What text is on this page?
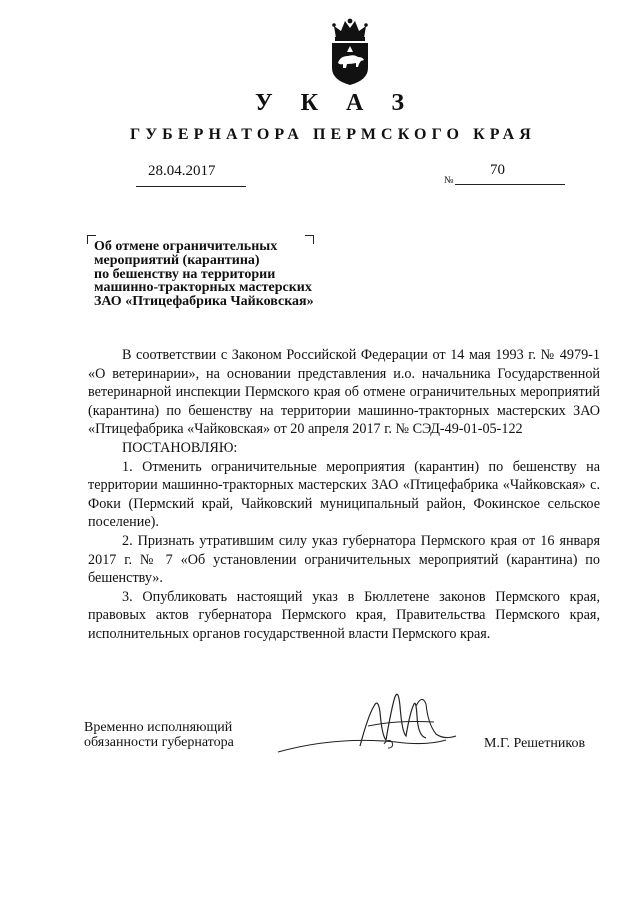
У К А З
ГУБЕРНАТОРА ПЕРМСКОГО КРАЯ
28.04.2017
№
70

Об отмене ограничительных
мероприятий (карантина)
по бешенству на территории
машинно-тракторных мастерских
ЗАО «Птицефабрика Чайковская»

В соответствии с Законом Российской Федерации от 14 мая 1993 г. № 4979-1 «О ветеринарии», на основании представления и.о. начальника Государственной ветеринарной инспекции Пермского края об отмене ограничительных мероприятий (карантина) по бешенству на территории машинно-тракторных мастерских ЗАО «Птицефабрика «Чайковская» от 20 апреля 2017 г. № СЭД-49-01-05-122

ПОСТАНОВЛЯЮ:

1. Отменить ограничительные мероприятия (карантин) по бешенству на территории машинно-тракторных мастерских ЗАО «Птицефабрика «Чайковская» с. Фоки (Пермский край, Чайковский муниципальный район, Фокинское сельское поселение).

2. Признать утратившим силу указ губернатора Пермского края от 16 января 2017 г. № 7 «Об установлении ограничительных мероприятий (карантина) по бешенству».

3. Опубликовать настоящий указ в Бюллетене законов Пермского края, правовых актов губернатора Пермского края, Правительства Пермского края, исполнительных органов государственной власти Пермского края.

Временно исполняющий
обязанности губернатора	М.Г. Решетников
